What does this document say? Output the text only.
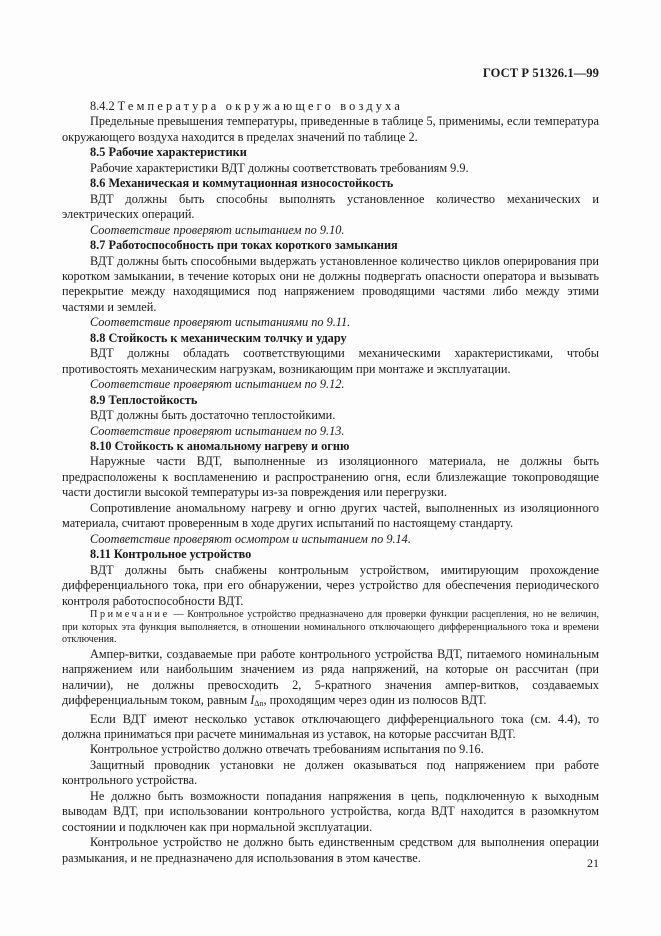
ГОСТ Р 51326.1—99

8.4.2 Температура окружающего воздуха

Предельные превышения температуры, приведенные в таблице 5, применимы, если температура окружающего воздуха находится в пределах значений по таблице 2.

8.5 Рабочие характеристики

Рабочие характеристики ВДТ должны соответствовать требованиям 9.9.

8.6 Механическая и коммутационная износостойкость

ВДТ должны быть способны выполнять установленное количество механических и электрических операций.

Соответствие проверяют испытанием по 9.10.

8.7 Работоспособность при токах короткого замыкания

ВДТ должны быть способными выдержать установленное количество циклов оперирования при коротком замыкании, в течение которых они не должны подвергать опасности оператора и вызывать перекрытие между находящимися под напряжением проводящими частями либо между этими частями и землей.

Соответствие проверяют испытаниями по 9.11.

8.8 Стойкость к механическим толчку и удару

ВДТ должны обладать соответствующими механическими характеристиками, чтобы противостоять механическим нагрузкам, возникающим при монтаже и эксплуатации.

Соответствие проверяют испытанием по 9.12.

8.9 Теплостойкость

ВДТ должны быть достаточно теплостойкими.

Соответствие проверяют испытанием по 9.13.

8.10 Стойкость к аномальному нагреву и огню

Наружные части ВДТ, выполненные из изоляционного материала, не должны быть предрасположены к воспламенению и распространению огня, если близлежащие токопроводящие части достигли высокой температуры из-за повреждения или перегрузки.

Сопротивление аномальному нагреву и огню других частей, выполненных из изоляционного материала, считают проверенным в ходе других испытаний по настоящему стандарту.

Соответствие проверяют осмотром и испытанием по 9.14.

8.11 Контрольное устройство

ВДТ должны быть снабжены контрольным устройством, имитирующим прохождение дифференциального тока, при его обнаружении, через устройство для обеспечения периодического контроля работоспособности ВДТ.

Примечание — Контрольное устройство предназначено для проверки функции расцепления, но не величин, при которых эта функция выполняется, в отношении номинального отключающего дифференциального тока и времени отключения.

Ампер-витки, создаваемые при работе контрольного устройства ВДТ, питаемого номинальным напряжением или наибольшим значением из ряда напряжений, на которые он рассчитан (при наличии), не должны превосходить 2, 5-кратного значения ампер-витков, создаваемых дифференциальным током, равным $I_{\Delta n}$, проходящим через один из полюсов ВДТ.

Если ВДТ имеют несколько уставок отключающего дифференциального тока (см. 4.4), то должна приниматься при расчете минимальная из уставок, на которые рассчитан ВДТ.

Контрольное устройство должно отвечать требованиям испытания по 9.16.

Защитный проводник установки не должен оказываться под напряжением при работе контрольного устройства.

Не должно быть возможности попадания напряжения в цепь, подключенную к выходным выводам ВДТ, при использовании контрольного устройства, когда ВДТ находится в разомкнутом состоянии и подключен как при нормальной эксплуатации.

Контрольное устройство не должно быть единственным средством для выполнения операции размыкания, и не предназначено для использования в этом качестве.	21
